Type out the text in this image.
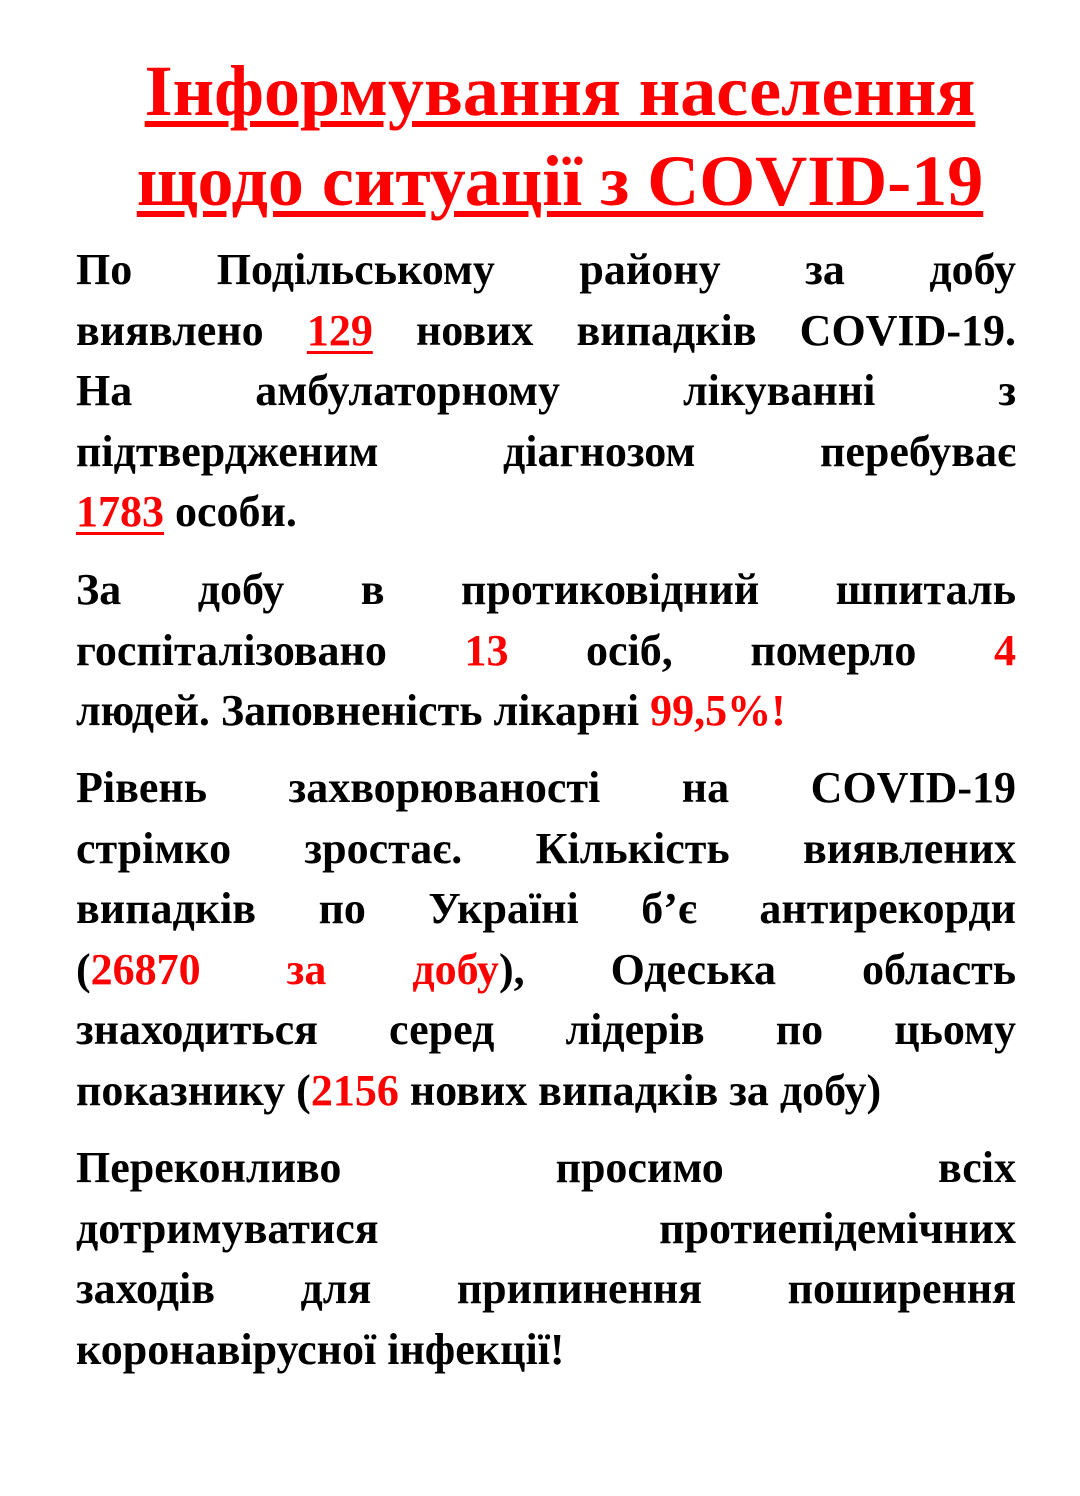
Інформування населення
щодо ситуації з COVID-19
По Подільському району за добу
виявлено 129 нових випадків COVID-19.
На амбулаторному лікуванні з
підтвердженим діагнозом перебуває
1783 особи.
За добу в протиковідний шпиталь
госпіталізовано 13 осіб, померло 4
людей. Заповненість лікарні 99,5%!
Рівень захворюваності на COVID-19
стрімко зростає. Кількість виявлених
випадків по Україні б’є антирекорди
(26870 за добу), Одеська область
знаходиться серед лідерів по цьому
показнику (2156 нових випадків за добу)
Переконливо просимо всіх
дотримуватися протиепідемічних
заходів для припинення поширення
коронавірусної інфекції!
